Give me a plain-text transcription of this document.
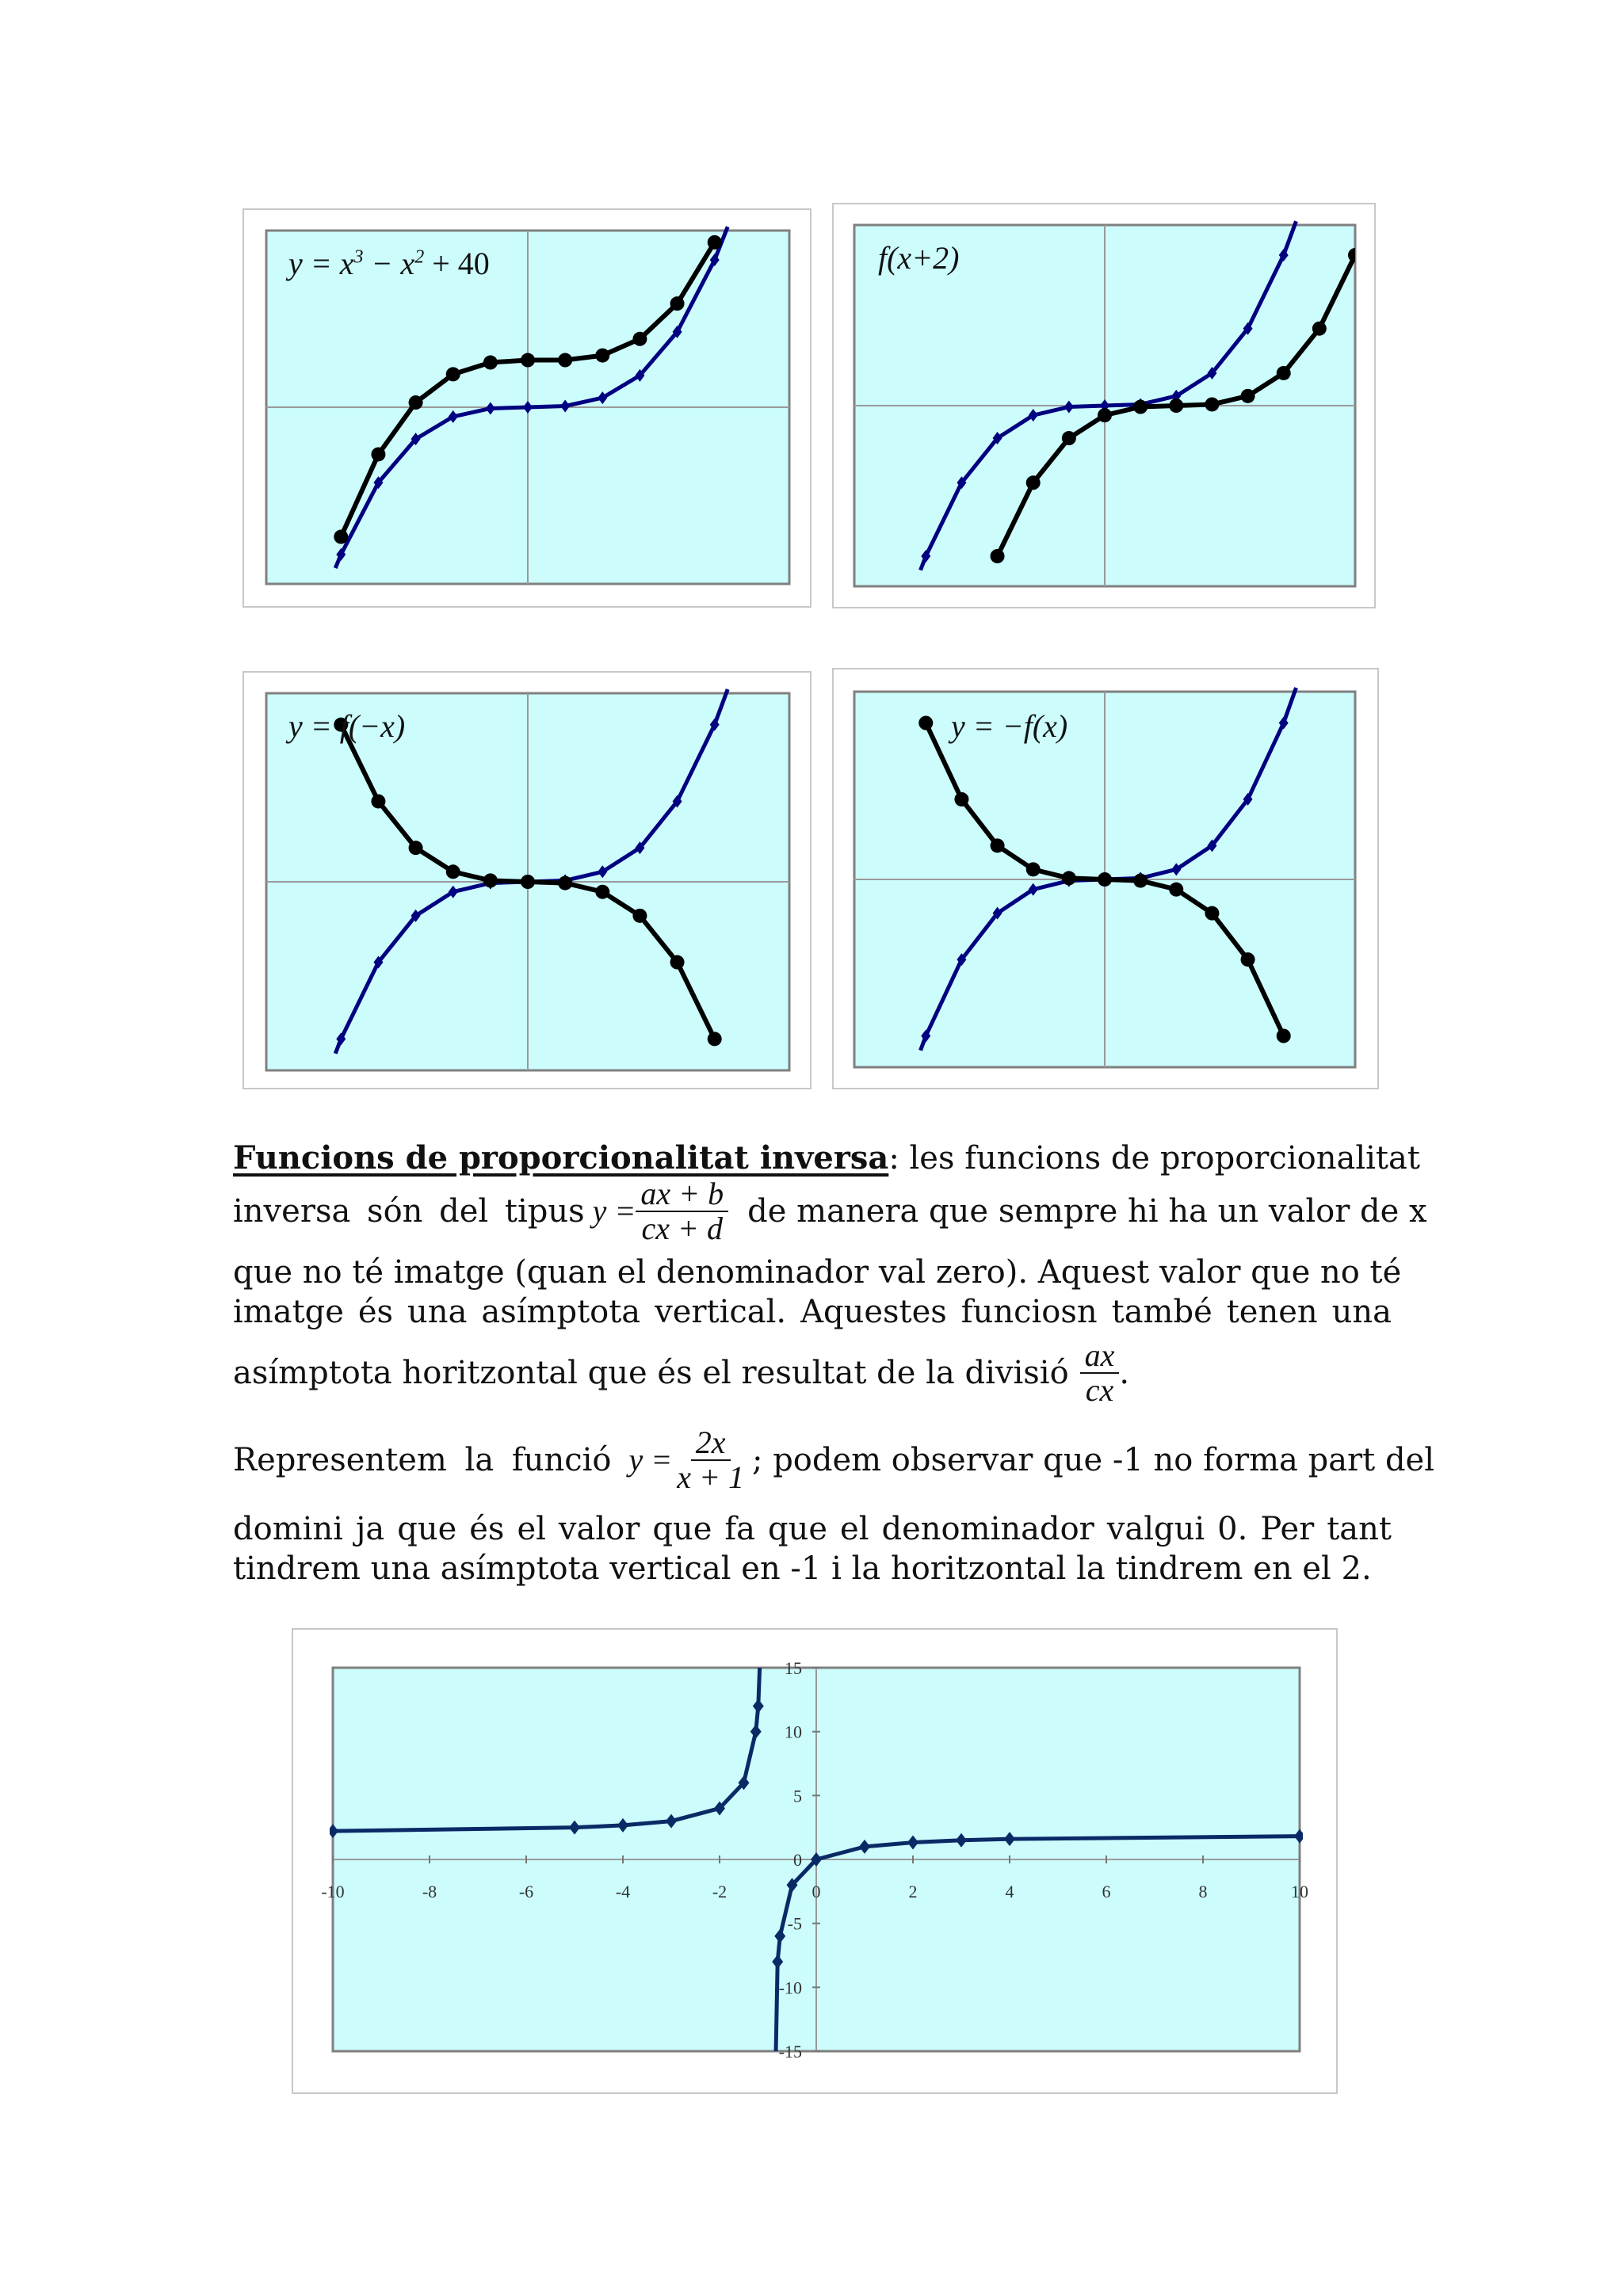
$y = x^3 - x^2 + 40$	f(x+2)
y = f(−x)	y = −f(x)
Funcions de proporcionalitat inversa: les funcions de proporcionalitat
inversa són del tipus $y = \frac{ax + b}{cx + d}$ de manera que sempre hi ha un valor de x
que no té imatge (quan el denominador val zero). Aquest valor que no té
imatge és una asímptota vertical. Aquestes funciosn també tenen una
asímptota horitzontal que és el resultat de la divisió $\frac{ax}{cx}$ .
Representem la funció $y = \frac{2x}{x + 1}$ ; podem observar que -1 no forma part del
domini ja que és el valor que fa que el denominador valgui 0. Per tant
tindrem una asímptota vertical en -1 i la horitzontal la tindrem en el 2.
-10	-8	-6	-4	-2	0	2	4	6	8	10
15
10
5
0
-5
-10
-15
